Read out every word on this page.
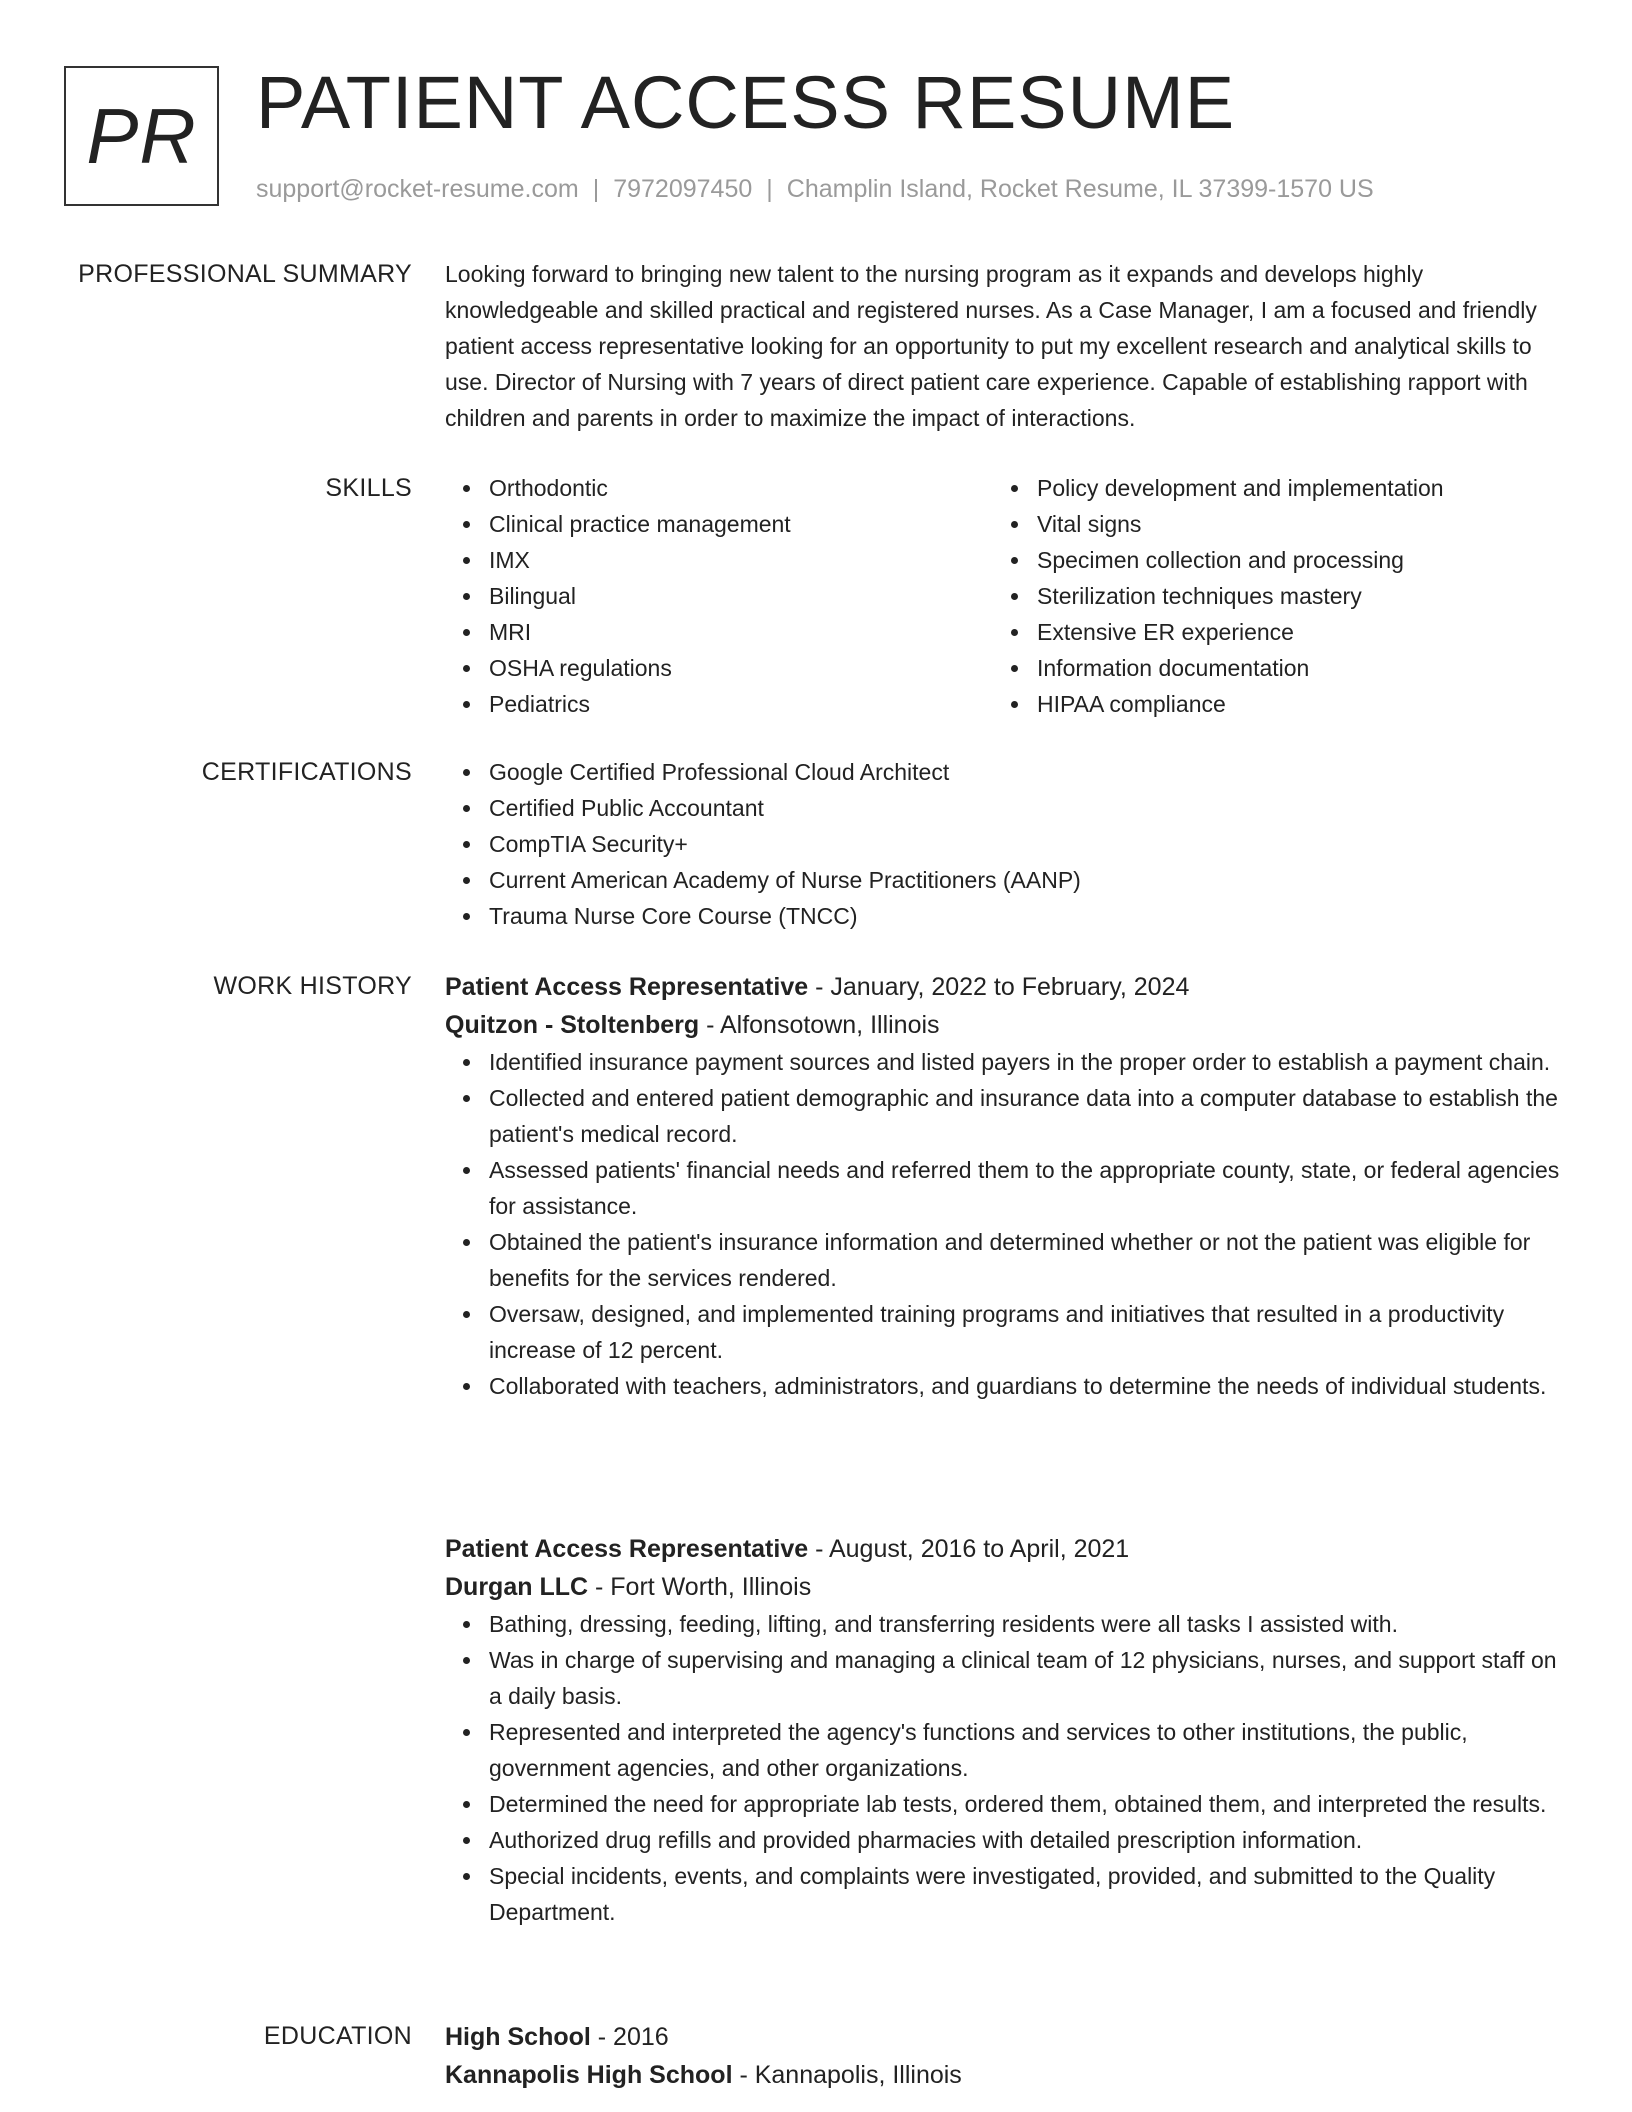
PR PATIENT ACCESS RESUME
support@rocket-resume.com | 7972097450 | Champlin Island, Rocket Resume, IL 37399-1570 US
PROFESSIONAL SUMMARY Looking forward to bringing new talent to the nursing program as it expands and develops highly knowledgeable and skilled practical and registered nurses. As a Case Manager, I am a focused and friendly patient access representative looking for an opportunity to put my excellent research and analytical skills to use. Director of Nursing with 7 years of direct patient care experience. Capable of establishing rapport with children and parents in order to maximize the impact of interactions.

SKILLS	Orthodontic
Clinical practice management
IMX
Bilingual
MRI
OSHA regulations
Pediatrics
Policy development and implementation
Vital signs
Specimen collection and processing
Sterilization techniques mastery
Extensive ER experience
Information documentation
HIPAA compliance
CERTIFICATIONS	Google Certified Professional Cloud Architect
Certified Public Accountant
CompTIA Security+
Current American Academy of Nurse Practitioners (AANP)
Trauma Nurse Core Course (TNCC)
WORK HISTORY Patient Access Representative - January, 2022 to February, 2024
Quitzon - Stoltenberg - Alfonsotown, Illinois
Identified insurance payment sources and listed payers in the proper order to establish a payment chain.
Collected and entered patient demographic and insurance data into a computer database to establish the patient's medical record.
Assessed patients' financial needs and referred them to the appropriate county, state, or federal agencies for assistance.
Obtained the patient's insurance information and determined whether or not the patient was eligible for benefits for the services rendered.
Oversaw, designed, and implemented training programs and initiatives that resulted in a productivity increase of 12 percent.
Collaborated with teachers, administrators, and guardians to determine the needs of individual students.
Patient Access Representative - August, 2016 to April, 2021
Durgan LLC - Fort Worth, Illinois
Bathing, dressing, feeding, lifting, and transferring residents were all tasks I assisted with.
Was in charge of supervising and managing a clinical team of 12 physicians, nurses, and support staff on a daily basis.
Represented and interpreted the agency's functions and services to other institutions, the public, government agencies, and other organizations.
Determined the need for appropriate lab tests, ordered them, obtained them, and interpreted the results.
Authorized drug refills and provided pharmacies with detailed prescription information.
Special incidents, events, and complaints were investigated, provided, and submitted to the Quality Department.
EDUCATION High School - 2016
Kannapolis High School - Kannapolis, Illinois
